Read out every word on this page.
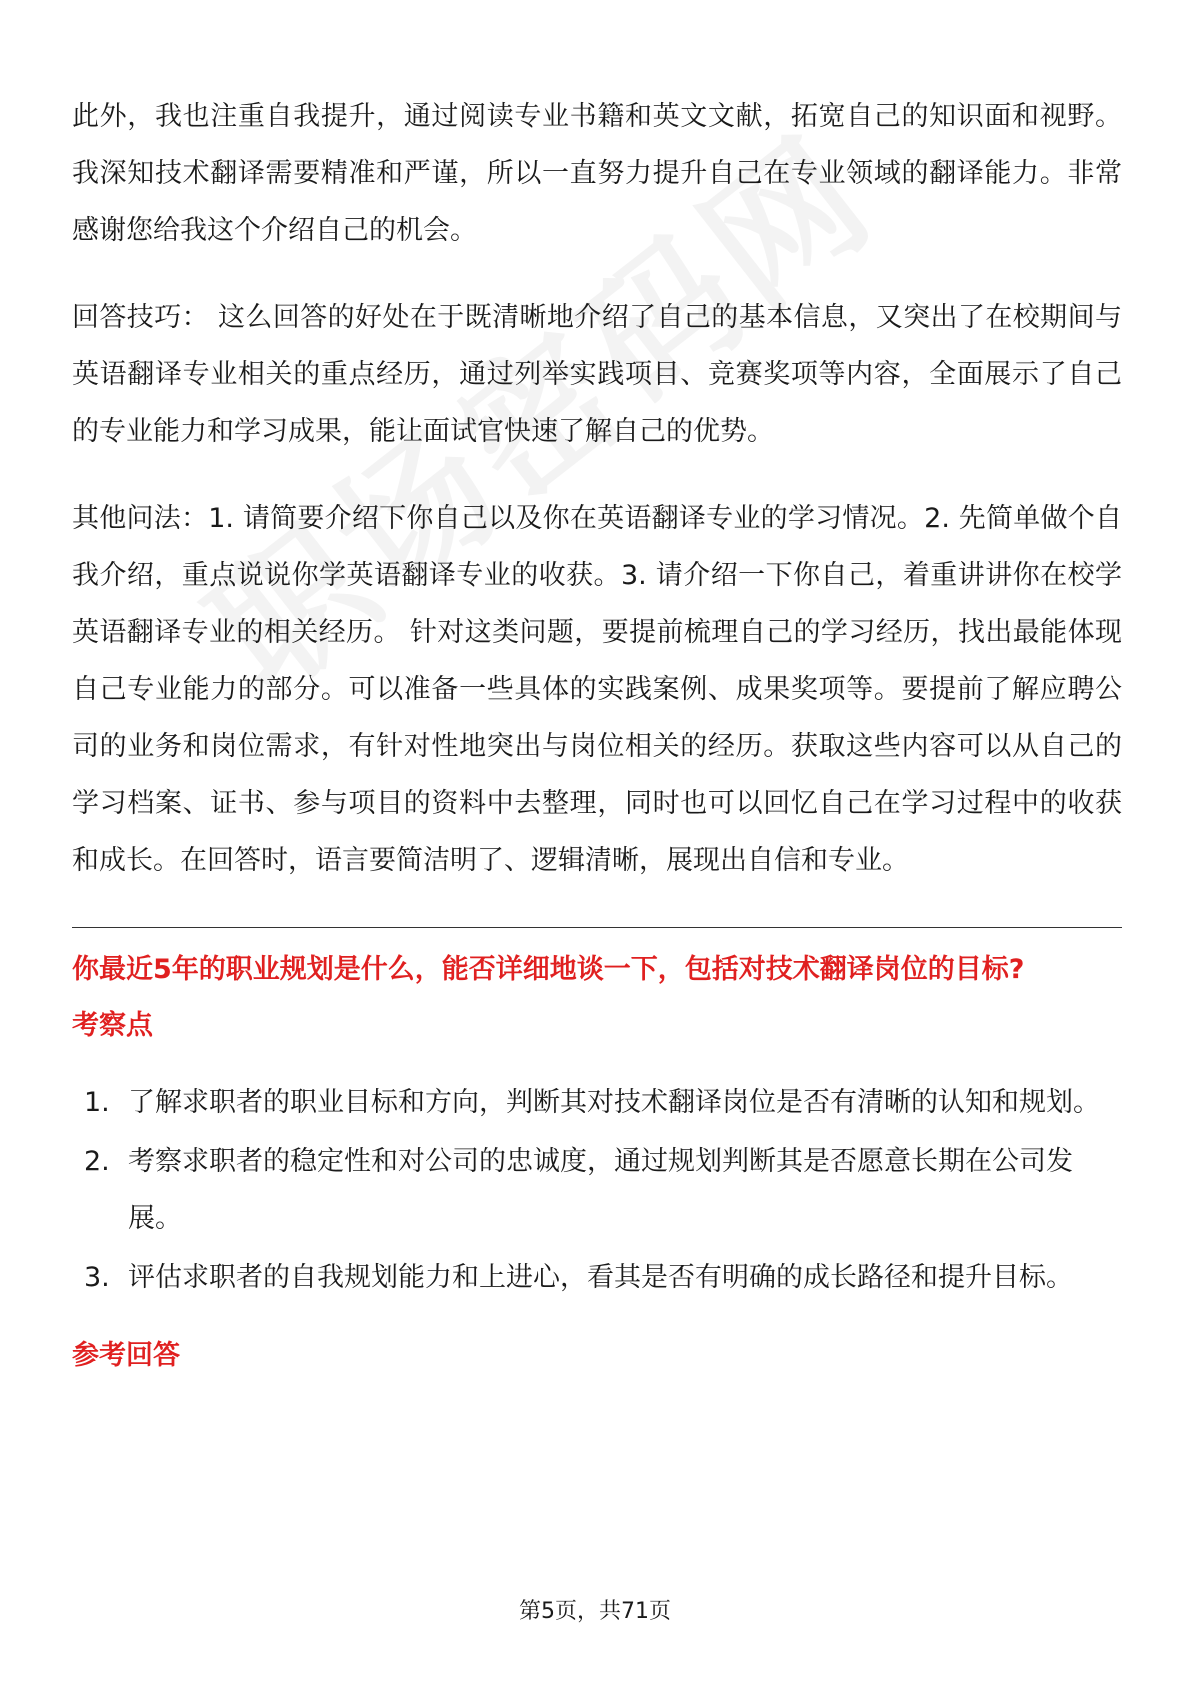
此外，我也注重自我提升，通过阅读专业书籍和英文文献，拓宽自己的知识面和视野。我深知技术翻译需要精准和严谨，所以一直努力提升自己在专业领域的翻译能力。非常感谢您给我这个介绍自己的机会。

回答技巧： 这么回答的好处在于既清晰地介绍了自己的基本信息，又突出了在校期间与英语翻译专业相关的重点经历，通过列举实践项目、竞赛奖项等内容，全面展示了自己的专业能力和学习成果，能让面试官快速了解自己的优势。

其他问法：1. 请简要介绍下你自己以及你在英语翻译专业的学习情况。2. 先简单做个自我介绍，重点说说你学英语翻译专业的收获。3. 请介绍一下你自己，着重讲讲你在校学英语翻译专业的相关经历。 针对这类问题，要提前梳理自己的学习经历，找出最能体现自己专业能力的部分。可以准备一些具体的实践案例、成果奖项等。要提前了解应聘公司的业务和岗位需求，有针对性地突出与岗位相关的经历。获取这些内容可以从自己的学习档案、证书、参与项目的资料中去整理，同时也可以回忆自己在学习过程中的收获和成长。在回答时，语言要简洁明了、逻辑清晰，展现出自信和专业。

你最近5年的职业规划是什么，能否详细地谈一下，包括对技术翻译岗位的目标?
考察点
1. 了解求职者的职业目标和方向，判断其对技术翻译岗位是否有清晰的认知和规划。
2. 考察求职者的稳定性和对公司的忠诚度，通过规划判断其是否愿意长期在公司发展。
3. 评估求职者的自我规划能力和上进心，看其是否有明确的成长路径和提升目标。
参考回答
第5页，共71页
